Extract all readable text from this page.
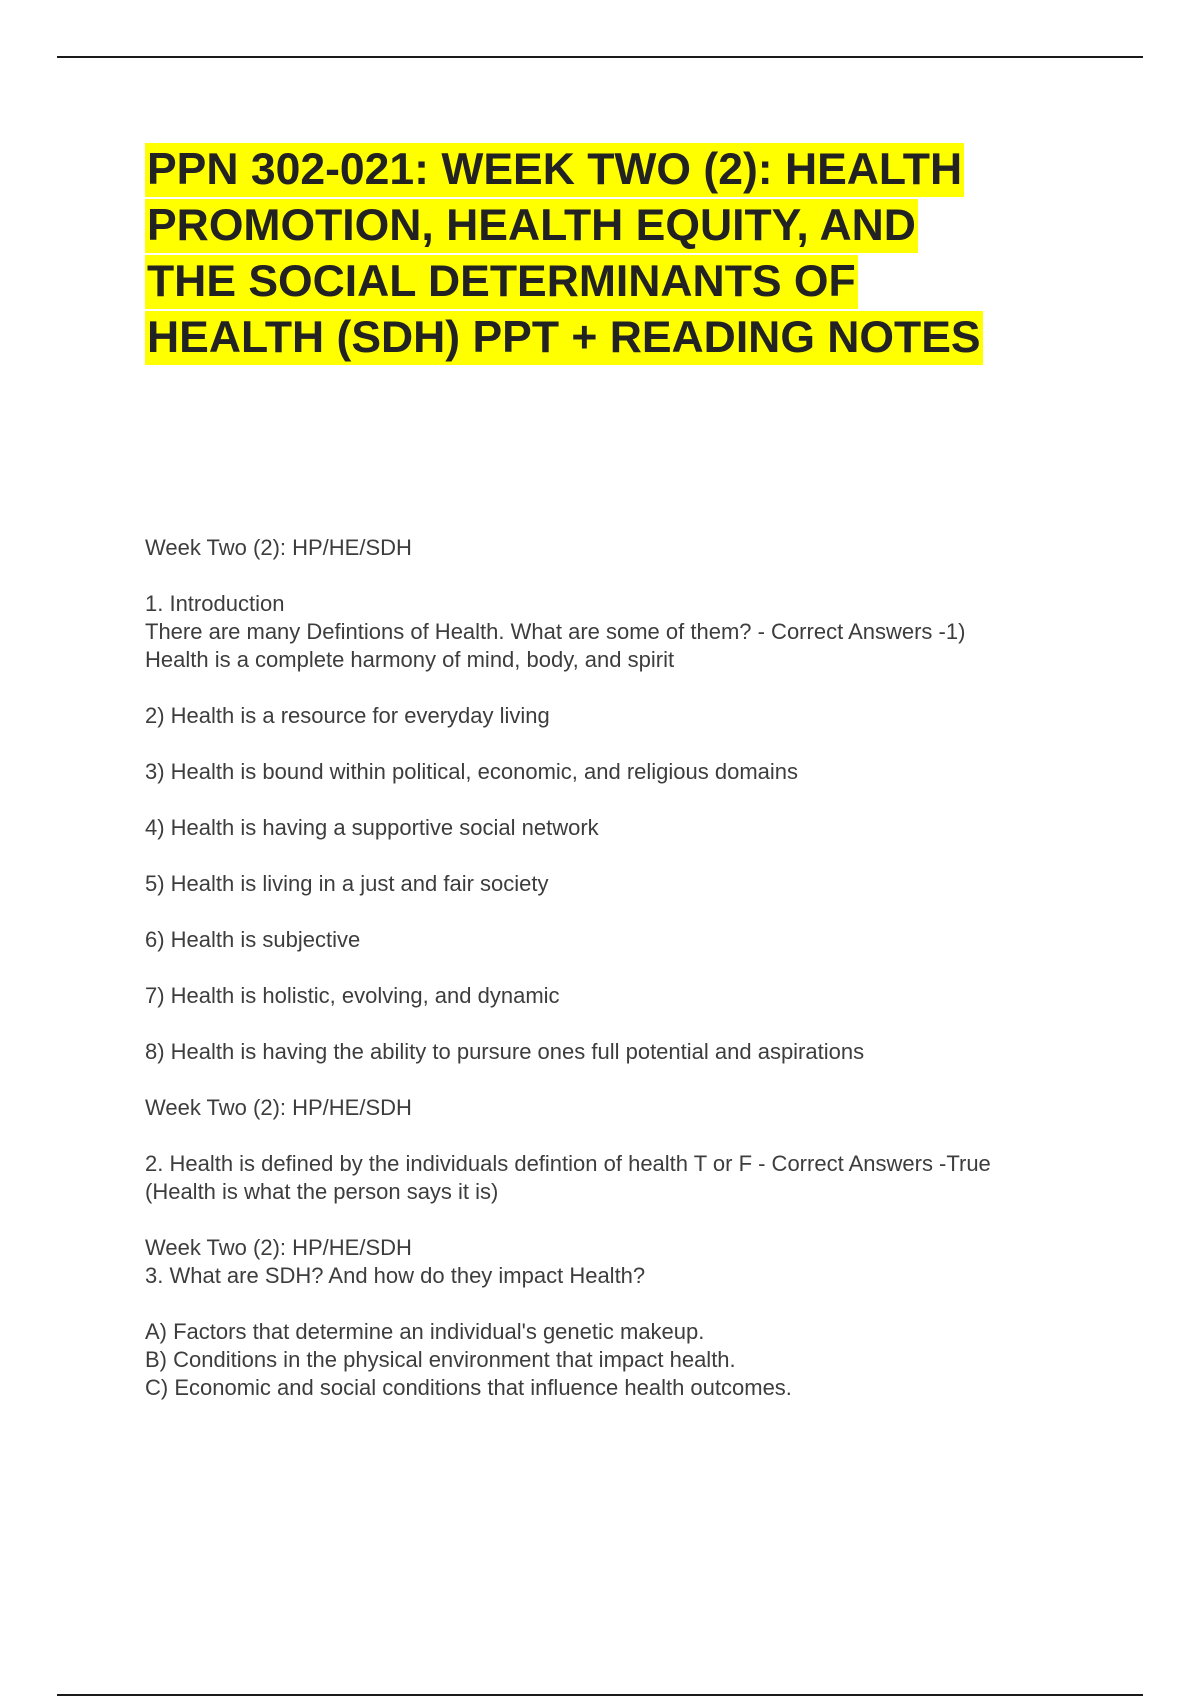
PPN 302-021: WEEK TWO (2): HEALTH
PROMOTION, HEALTH EQUITY, AND
THE SOCIAL DETERMINANTS OF
HEALTH (SDH) PPT + READING NOTES

Week Two (2): HP/HE/SDH

1. Introduction

There are many Defintions of Health. What are some of them? - Correct Answers -1)

Health is a complete harmony of mind, body, and spirit

2) Health is a resource for everyday living

3) Health is bound within political, economic, and religious domains

4) Health is having a supportive social network

5) Health is living in a just and fair society

6) Health is subjective

7) Health is holistic, evolving, and dynamic

8) Health is having the ability to pursure ones full potential and aspirations

Week Two (2): HP/HE/SDH

2. Health is defined by the individuals defintion of health T or F - Correct Answers -True

(Health is what the person says it is)

Week Two (2): HP/HE/SDH

3. What are SDH? And how do they impact Health?

A) Factors that determine an individual's genetic makeup.

B) Conditions in the physical environment that impact health.

C) Economic and social conditions that influence health outcomes.
